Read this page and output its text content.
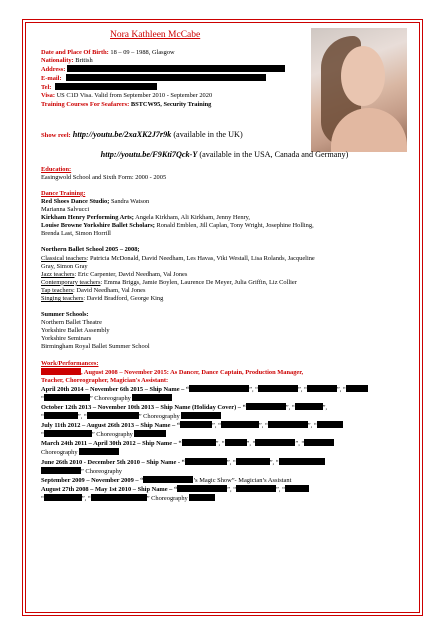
Nora Kathleen McCabe
Date and Place Of Birth: 18 – 09 – 1988, Glasgow
Nationality: British
Address:
E-mail:
Tel:
Visa: US C1D Visa. Valid from September 2010 - September 2020
Training Courses For Seafarers: BSTCW95, Security Training
Show reel: http://youtu.be/2xaXK2J7r9k (available in the UK)
http://youtu.be/F9Kti7Qck-Y (available in the USA, Canada and Germany)
Education:
Easingwold School and Sixth Form: 2000 - 2005
Dance Training:
Red Shoes Dance Studio; Sandra Watson
Marianna Salvucci
Kirkham Henry Performing Arts; Angela Kirkham, Ali Kirkham, Jenny Henry,
Louise Browne Yorkshire Ballet Scholars; Ronald Emblen, Jill Caplan, Tony Wright, Josephine Holling,
Brenda Last, Simon Horrill
Northern Ballet School 2005 – 2008;
Classical teachers: Patricia McDonald, David Needham, Les Havas, Viki Westall, Lisa Rolands, Jacqueline
Gray, Simon Gray
Jazz teachers: Eric Carpenter, David Needham, Val Jones
Contemporary teachers: Emma Briggs, Jamie Boylen, Laurence De Meyer, Julia Griffin, Liz Collier
Tap teachers: David Needham, Val Jones
Singing teachers: David Bradford, George King
Summer Schools:
Northern Ballet Theatre
Yorkshire Ballet Assembly
Yorkshire Seminars
Birmingham Royal Ballet Summer School
Work/Performances:
, August 2008 – November 2015: As Dancer, Dance Captain, Production Manager,
Teacher, Choreographer, Magician's Assistant:
April 20th 2014 – November 6th 2015 – Ship Name – “	”, “	”, “	”, “
“	” Choreography
October 12th 2013 – November 10th 2013 – Ship Name (Holiday Cover) – “	”, “	”,
“	”, “	” Choreography
July 11th 2012 – August 26th 2013 – Ship Name – “	”, “	”, “	”, “
“	” Choreography
March 24th 2011 – April 30th 2012 – Ship Name – “	”, “	”, “	”, “
Choreography
June 26th 2010 - December 5th 2010 – Ship Name - “	”, “	”, “
” Choreography
September 2009 – November 2009 – “	’s Magic Show”- Magician’s Assistant
August 27th 2008 – May 1st 2010 – Ship Name – “	”, “	”, “
“	”, “	” Choreography
